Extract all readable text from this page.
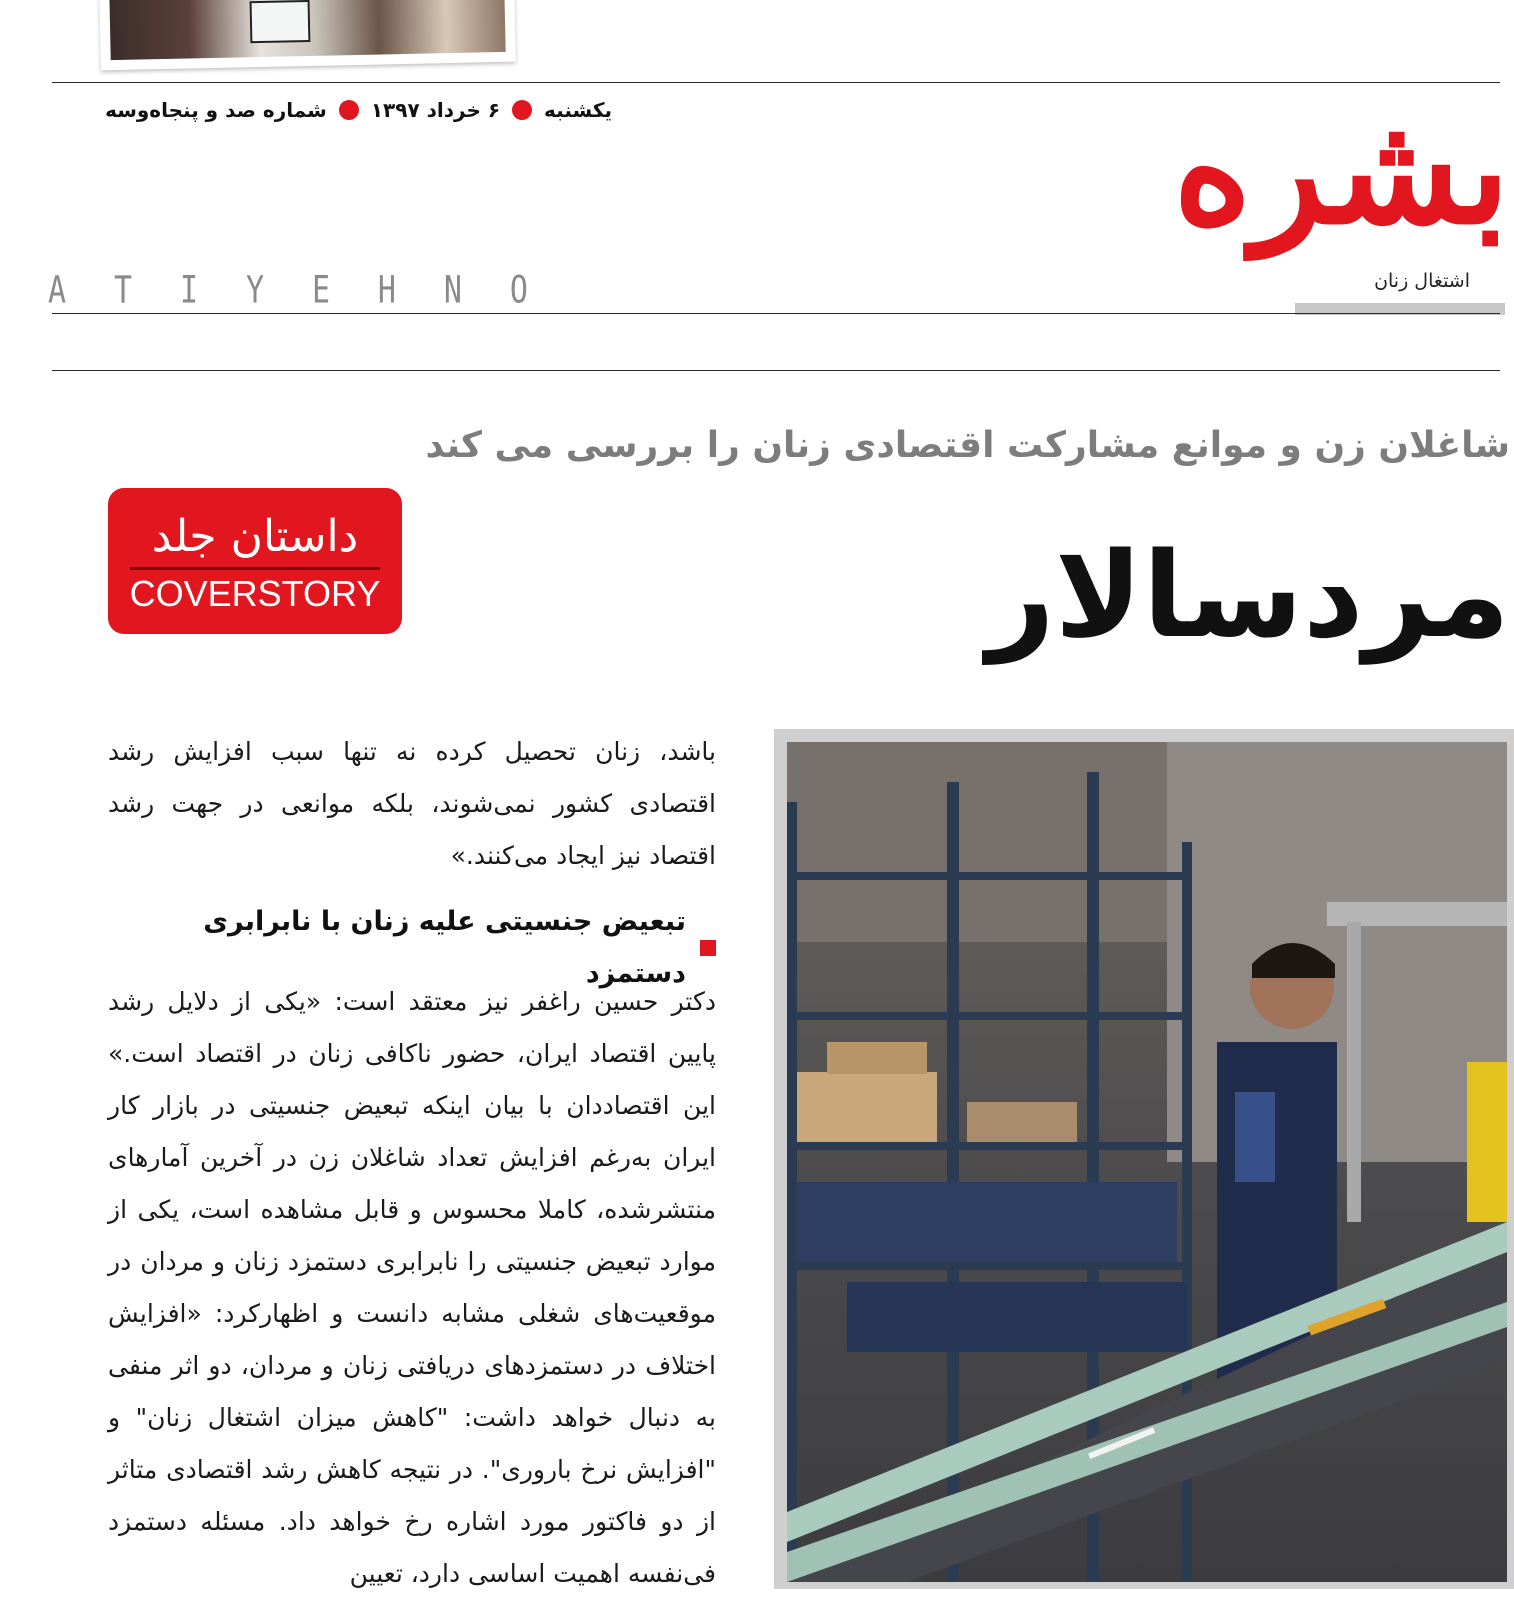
یکشنبه
۶ خرداد ۱۳۹۷
شماره صد و پنجاه‌وسه	بشره
اشتغال زنان
A T I Y E H N O
شاغلان زن و موانع مشارکت اقتصادی زنان را بررسی می کند
مردسالار
داستان جلد
COVERSTORY

باشد، زنان تحصیل کرده نه تنها سبب افزایش رشد اقتصادی کشور نمی‌شوند، بلکه موانعی در جهت رشد اقتصاد نیز ایجاد می‌کنند.»

تبعیض جنسیتی علیه زنان با نابرابری دستمزد

دکتر حسین راغفر نیز معتقد است: «یکی از دلایل رشد پایین اقتصاد ایران، حضور ناکافی زنان در اقتصاد است.» این اقتصاددان با بیان اینکه تبعیض جنسیتی در بازار کار ایران به‌رغم افزایش تعداد شاغلان زن در آخرین آمارهای منتشرشده، کاملا محسوس و قابل مشاهده است، یکی از موارد تبعیض جنسیتی را نابرابری دستمزد زنان و مردان در موقعیت‌های شغلی مشابه دانست و اظهارکرد: «افزایش اختلاف در دستمزدهای دریافتی زنان و مردان، دو اثر منفی به دنبال خواهد داشت: "کاهش میزان اشتغال زنان" و "افزایش نرخ باروری". در نتیجه کاهش رشد اقتصادی متاثر از دو فاکتور مورد اشاره رخ خواهد داد. مسئله دستمزد فی‌نفسه اهمیت اساسی دارد، تعیین
